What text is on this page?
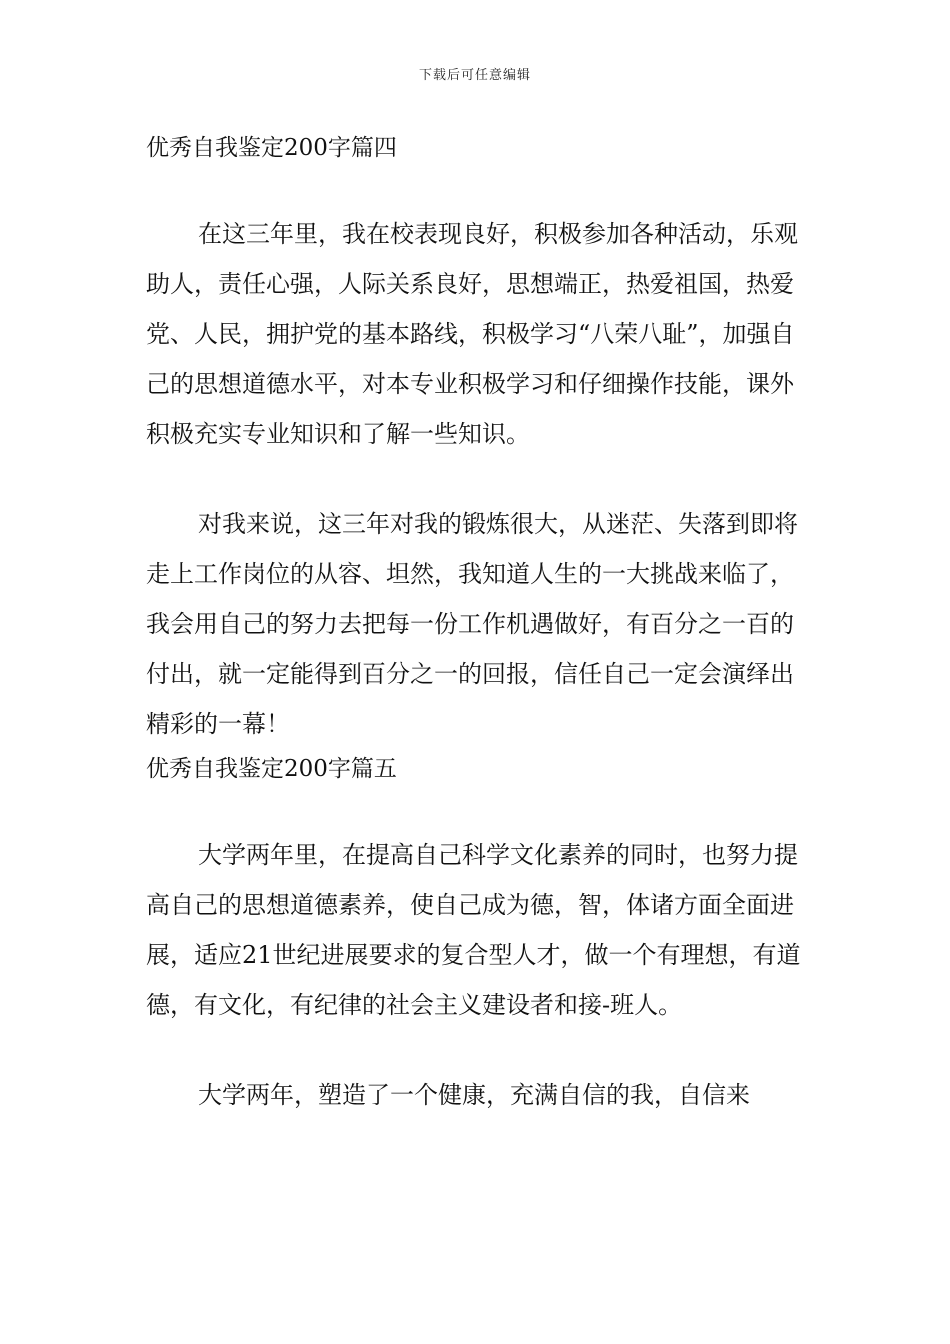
下载后可任意编辑

优秀自我鉴定200字篇四

在这三年里，我在校表现良好，积极参加各种活动，乐观助人，责任心强，人际关系良好，思想端正，热爱祖国，热爱党、人民，拥护党的基本路线，积极学习“八荣八耻”，加强自己的思想道德水平，对本专业积极学习和仔细操作技能，课外积极充实专业知识和了解一些知识。

对我来说，这三年对我的锻炼很大，从迷茫、失落到即将走上工作岗位的从容、坦然，我知道人生的一大挑战来临了，我会用自己的努力去把每一份工作机遇做好，有百分之一百的付出，就一定能得到百分之一的回报，信任自己一定会演绎出精彩的一幕！

优秀自我鉴定200字篇五

大学两年里，在提高自己科学文化素养的同时，也努力提高自己的思想道德素养，使自己成为德，智，体诸方面全面进展，适应21世纪进展要求的复合型人才，做一个有理想，有道德，有文化，有纪律的社会主义建设者和接-班人。

大学两年，塑造了一个健康，充满自信的我，自信来
